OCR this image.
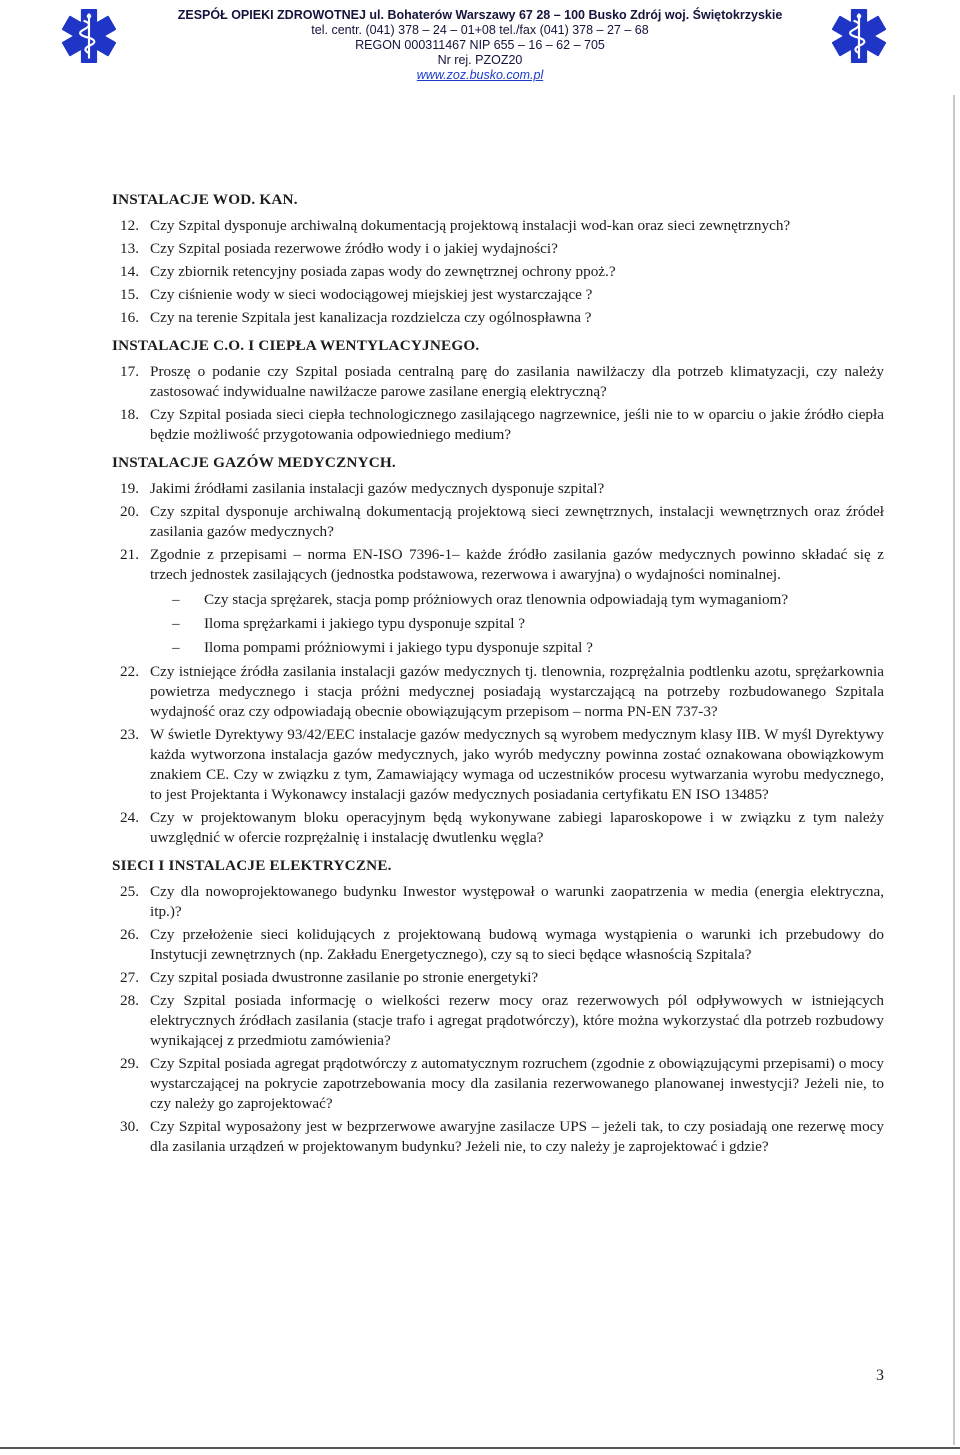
ZESPÓŁ OPIEKI ZDROWOTNEJ ul. Bohaterów Warszawy 67 28 – 100 Busko Zdrój woj. Świętokrzyskie
tel. centr. (041) 378 – 24 – 01+08 tel./fax (041) 378 – 27 – 68
REGON 000311467 NIP 655 – 16 – 62 – 705
Nr rej. PZOZ20
www.zoz.busko.com.pl
INSTALACJE WOD. KAN.
12. Czy Szpital dysponuje archiwalną dokumentacją projektową instalacji wod-kan oraz sieci zewnętrznych?

13. Czy Szpital posiada rezerwowe źródło wody i o jakiej wydajności?

14. Czy zbiornik retencyjny posiada zapas wody do zewnętrznej ochrony ppoż.?

15. Czy ciśnienie wody w sieci wodociągowej miejskiej jest wystarczające ?

16. Czy na terenie Szpitala jest kanalizacja rozdzielcza czy ogólnospławna ?

INSTALACJE C.O. I CIEPŁA WENTYLACYJNEGO.
17. Proszę o podanie czy Szpital posiada centralną parę do zasilania nawilżaczy dla potrzeb klimatyzacji, czy należy zastosować indywidualne nawilżacze parowe zasilane energią elektryczną?

18. Czy Szpital posiada sieci ciepła technologicznego zasilającego nagrzewnice, jeśli nie to w oparciu o jakie źródło ciepła będzie możliwość przygotowania odpowiedniego medium?

INSTALACJE GAZÓW MEDYCZNYCH.
19. Jakimi źródłami zasilania instalacji gazów medycznych dysponuje szpital?

20. Czy szpital dysponuje archiwalną dokumentacją projektową sieci zewnętrznych, instalacji wewnętrznych oraz źródeł zasilania gazów medycznych?

21. Zgodnie z przepisami – norma EN-ISO 7396-1– każde źródło zasilania gazów medycznych powinno składać się z trzech jednostek zasilających (jednostka podstawowa, rezerwowa i awaryjna) o wydajności nominalnej.

– Czy stacja sprężarek, stacja pomp próżniowych oraz tlenownia odpowiadają tym wymaganiom?
– Iloma sprężarkami i jakiego typu dysponuje szpital ?
– Iloma pompami próżniowymi i jakiego typu dysponuje szpital ?
22. Czy istniejące źródła zasilania instalacji gazów medycznych tj. tlenownia, rozprężalnia podtlenku azotu, sprężarkownia powietrza medycznego i stacja próżni medycznej posiadają wystarczającą na potrzeby rozbudowanego Szpitala wydajność oraz czy odpowiadają obecnie obowiązującym przepisom – norma PN-EN 737-3?

23. W świetle Dyrektywy 93/42/EEC instalacje gazów medycznych są wyrobem medycznym klasy IIB. W myśl Dyrektywy każda wytworzona instalacja gazów medycznych, jako wyrób medyczny powinna zostać oznakowana obowiązkowym znakiem CE. Czy w związku z tym, Zamawiający wymaga od uczestników procesu wytwarzania wyrobu medycznego, to jest Projektanta i Wykonawcy instalacji gazów medycznych posiadania certyfikatu EN ISO 13485?

24. Czy w projektowanym bloku operacyjnym będą wykonywane zabiegi laparoskopowe i w związku z tym należy uwzględnić w ofercie rozprężalnię i instalację dwutlenku węgla?

SIECI I INSTALACJE ELEKTRYCZNE.
25. Czy dla nowoprojektowanego budynku Inwestor występował o warunki zaopatrzenia w media (energia elektryczna, itp.)?

26. Czy przełożenie sieci kolidujących z projektowaną budową wymaga wystąpienia o warunki ich przebudowy do Instytucji zewnętrznych (np. Zakładu Energetycznego), czy są to sieci będące własnością Szpitala?

27. Czy szpital posiada dwustronne zasilanie po stronie energetyki?

28. Czy Szpital posiada informację o wielkości rezerw mocy oraz rezerwowych pól odpływowych w istniejących elektrycznych źródłach zasilania (stacje trafo i agregat prądotwórczy), które można wykorzystać dla potrzeb rozbudowy wynikającej z przedmiotu zamówienia?

29. Czy Szpital posiada agregat prądotwórczy z automatycznym rozruchem (zgodnie z obowiązującymi przepisami) o mocy wystarczającej na pokrycie zapotrzebowania mocy dla zasilania rezerwowanego planowanej inwestycji? Jeżeli nie, to czy należy go zaprojektować?

30. Czy Szpital wyposażony jest w bezprzerwowe awaryjne zasilacze UPS – jeżeli tak, to czy posiadają one rezerwę mocy dla zasilania urządzeń w projektowanym budynku? Jeżeli nie, to czy należy je zaprojektować i gdzie?

3
